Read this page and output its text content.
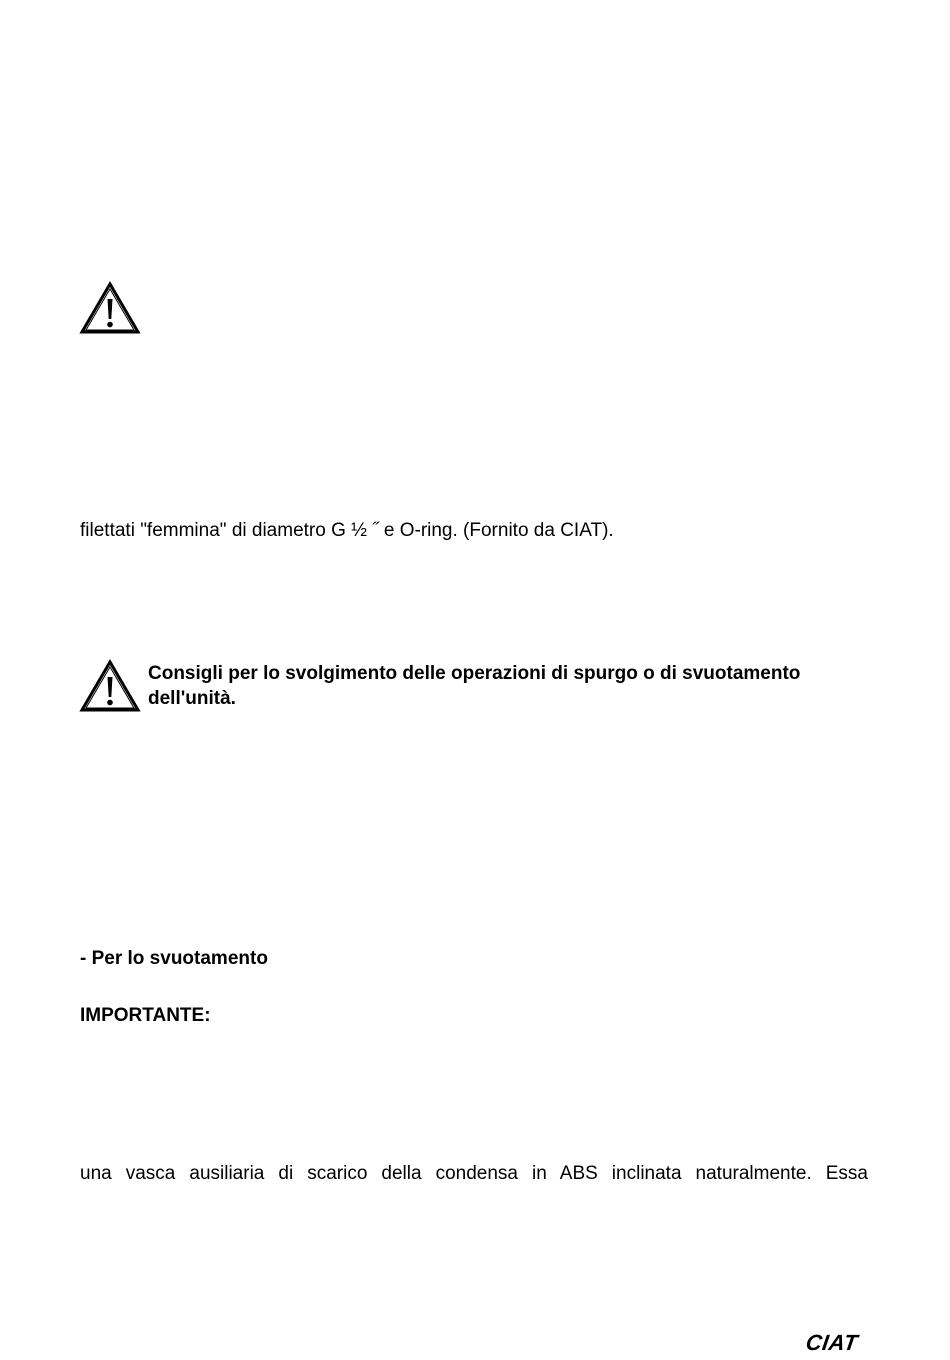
filettati "femmina" di diametro G ½ ˝ e O-ring. (Fornito da CIAT).
Consigli per lo svolgimento delle operazioni di spurgo o di svuotamento
dell'unità.
- Per lo svuotamento
IMPORTANTE:
una vasca ausiliaria di scarico della condensa in ABS inclinata naturalmente. Essa
CIAT
